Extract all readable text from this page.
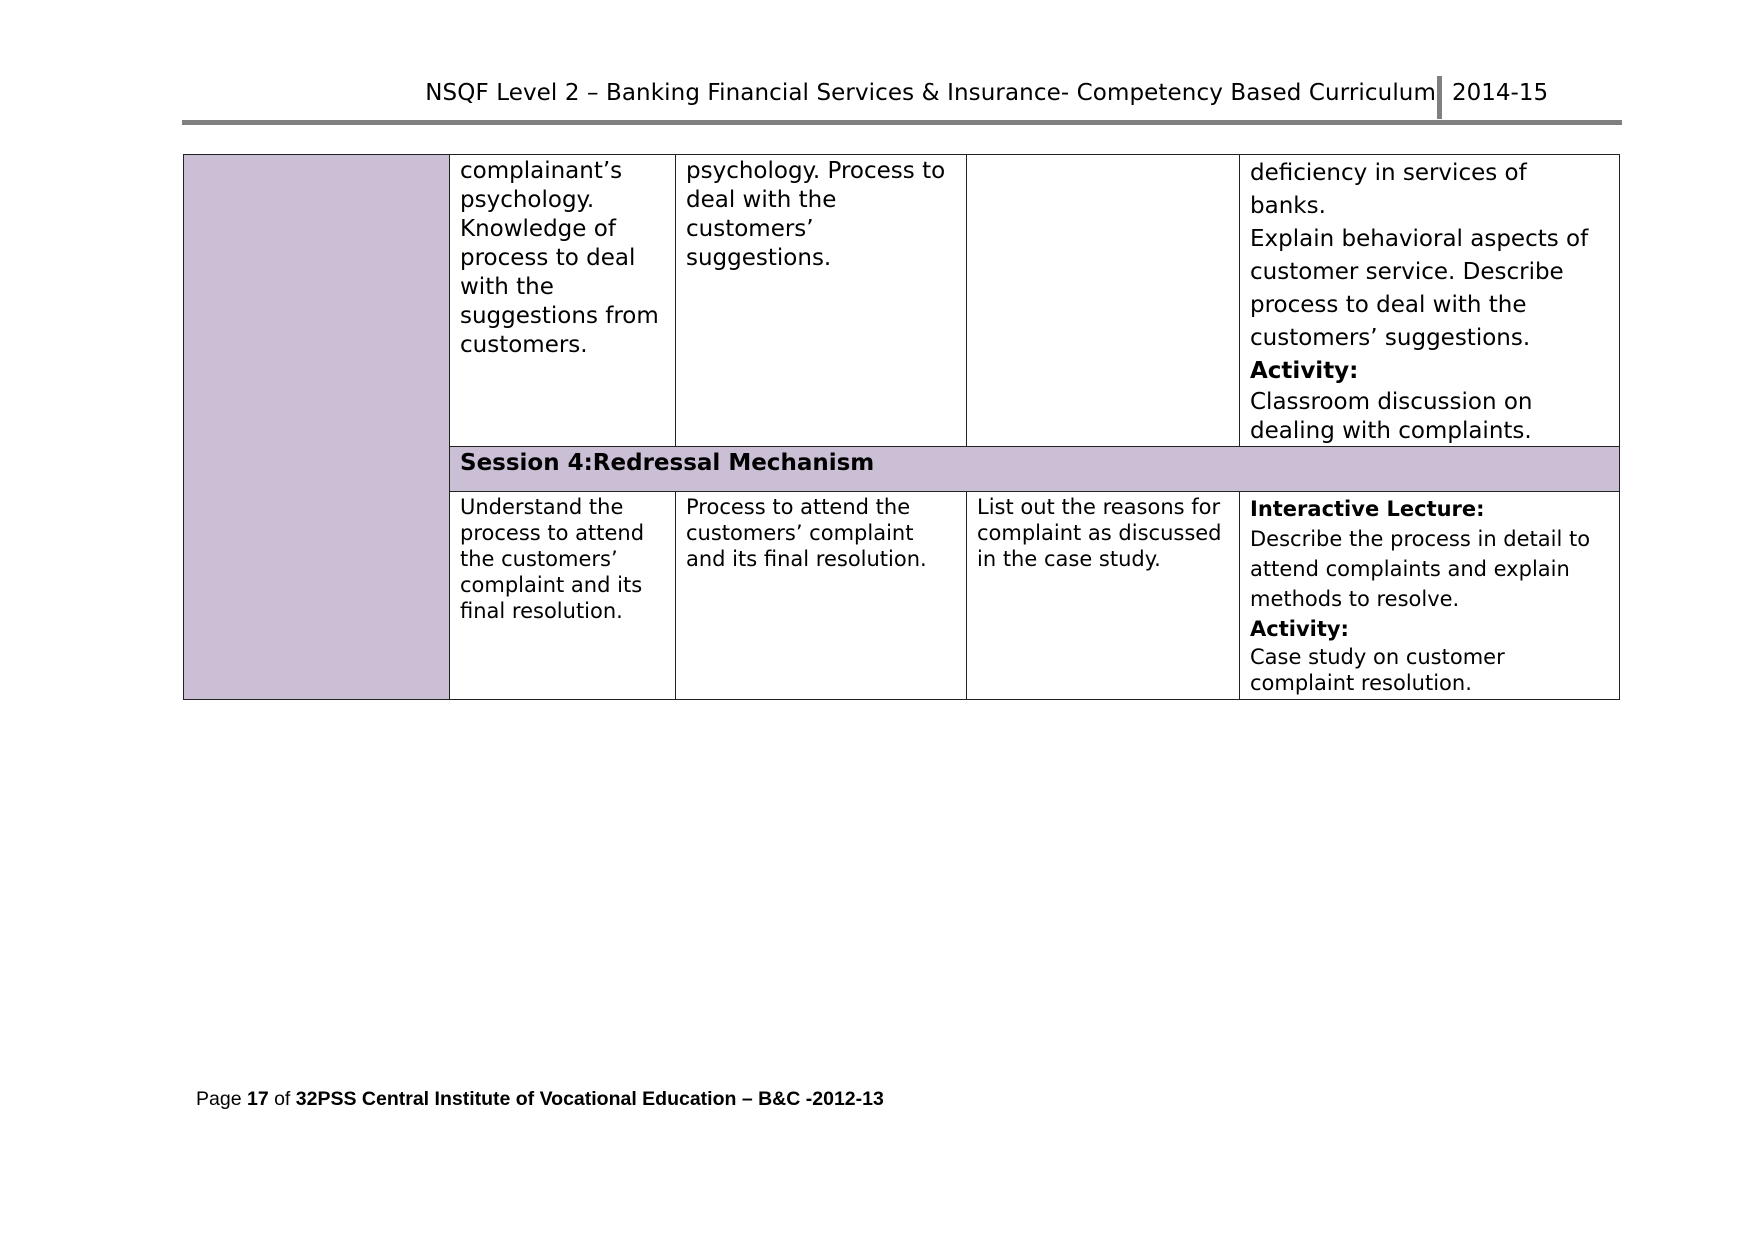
NSQF Level 2 – Banking Financial Services & Insurance- Competency Based Curriculum 2014-15
	complainant’s psychology. Knowledge of process to deal with the suggestions from customers.	psychology. Process to deal with the customers’ suggestions.		deficiency in services of banks.

Explain behavioral aspects of customer service. Describe process to deal with the customers’ suggestions.

Activity:

Classroom discussion on dealing with complaints.

	Session 4:Redressal Mechanism			
	Understand the process to attend the customers’ complaint and its final resolution.	Process to attend the customers’ complaint and its final resolution.	List out the reasons for complaint as discussed in the case study.	Interactive Lecture:

Describe the process in detail to attend complaints and explain methods to resolve.

Activity:

Case study on customer complaint resolution.

Page 17 of 32PSS Central Institute of Vocational Education – B&C -2012-13
